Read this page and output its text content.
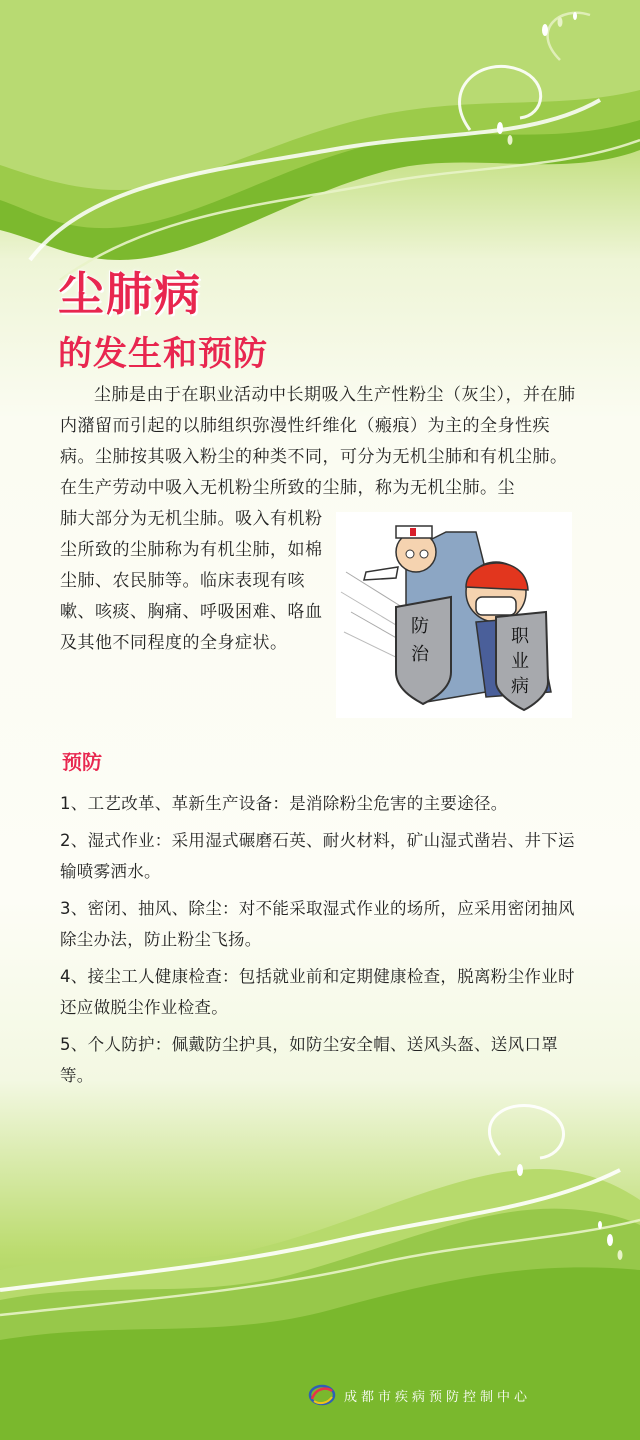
尘肺病
的发生和预防

尘肺是由于在职业活动中长期吸入生产性粉尘（灰尘），并在肺内潴留而引起的以肺组织弥漫性纤维化（瘢痕）为主的全身性疾病。尘肺按其吸入粉尘的种类不同，可分为无机尘肺和有机尘肺。在生产劳动中吸入无机粉尘所致的尘肺，称为无机尘肺。尘

肺大部分为无机尘肺。吸入有机粉尘所致的尘肺称为有机尘肺，如棉尘肺、农民肺等。临床表现有咳嗽、咳痰、胸痛、呼吸困难、咯血及其他不同程度的全身症状。

防
治
职
业
病
预防
1、工艺改革、革新生产设备：是消除粉尘危害的主要途径。
2、湿式作业：采用湿式碾磨石英、耐火材料，矿山湿式凿岩、井下运输喷雾洒水。
3、密闭、抽风、除尘：对不能采取湿式作业的场所，应采用密闭抽风除尘办法，防止粉尘飞扬。
4、接尘工人健康检查：包括就业前和定期健康检查，脱离粉尘作业时还应做脱尘作业检查。
5、个人防护：佩戴防尘护具，如防尘安全帽、送风头盔、送风口罩等。
成都市疾病预防控制中心
